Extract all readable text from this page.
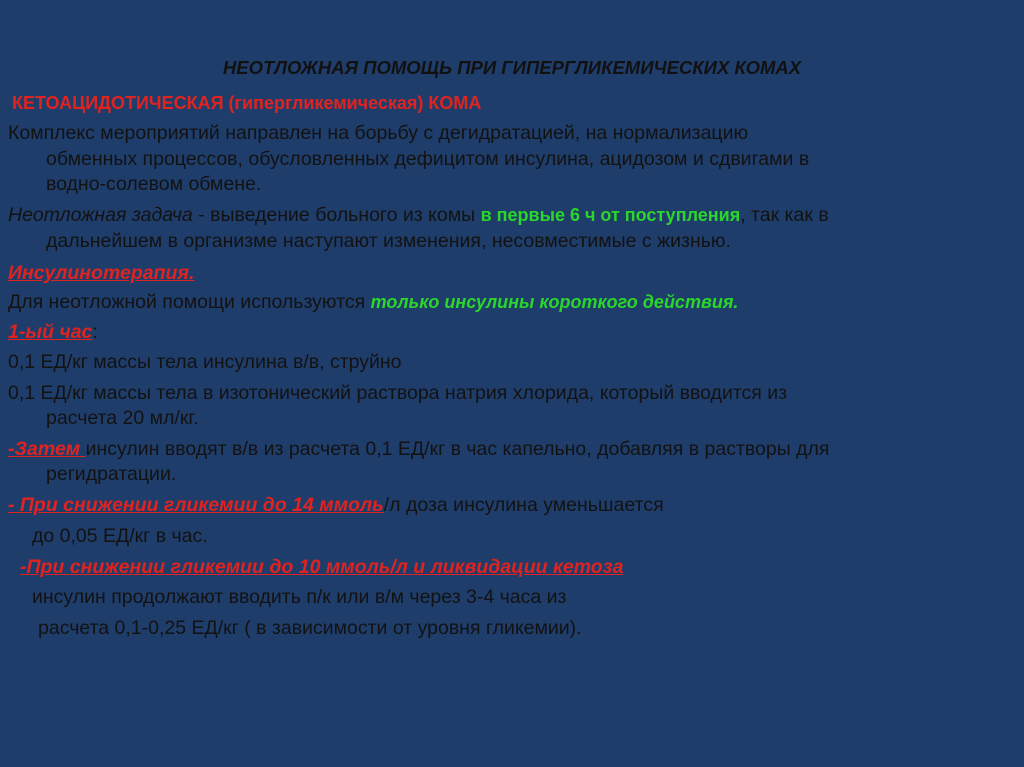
НЕОТЛОЖНАЯ ПОМОЩЬ ПРИ ГИПЕРГЛИКЕМИЧЕСКИХ КОМАХ
КЕТОАЦИДОТИЧЕСКАЯ (гипергликемическая) КОМА
Комплекс мероприятий направлен на борьбу с дегидратацией, на нормализацию
обменных процессов, обусловленных дефицитом инсулина, ацидозом и сдвигами в
водно-солевом обмене.
Неотложная задача - выведение больного из комы в первые 6 ч от поступления, так как в
дальнейшем в организме наступают изменения, несовместимые с жизнью.
Инсулинотерапия.
Для неотложной помощи используются только инсулины короткого действия.
1-ый час:
0,1 ЕД/кг массы тела инсулина в/в, струйно
0,1 ЕД/кг массы тела в изотонический раствора натрия хлорида, который вводится из
расчета 20 мл/кг.
-Затем инсулин вводят в/в из расчета 0,1 ЕД/кг в час капельно, добавляя в растворы для
регидратации.
- При снижении гликемии до 14 ммоль/л доза инсулина уменьшается
до 0,05 ЕД/кг в час.
-При снижении гликемии до 10 ммоль/л и ликвидации кетоза
инсулин продолжают вводить п/к или в/м через 3-4 часа из
расчета 0,1-0,25 ЕД/кг ( в зависимости от уровня гликемии).
